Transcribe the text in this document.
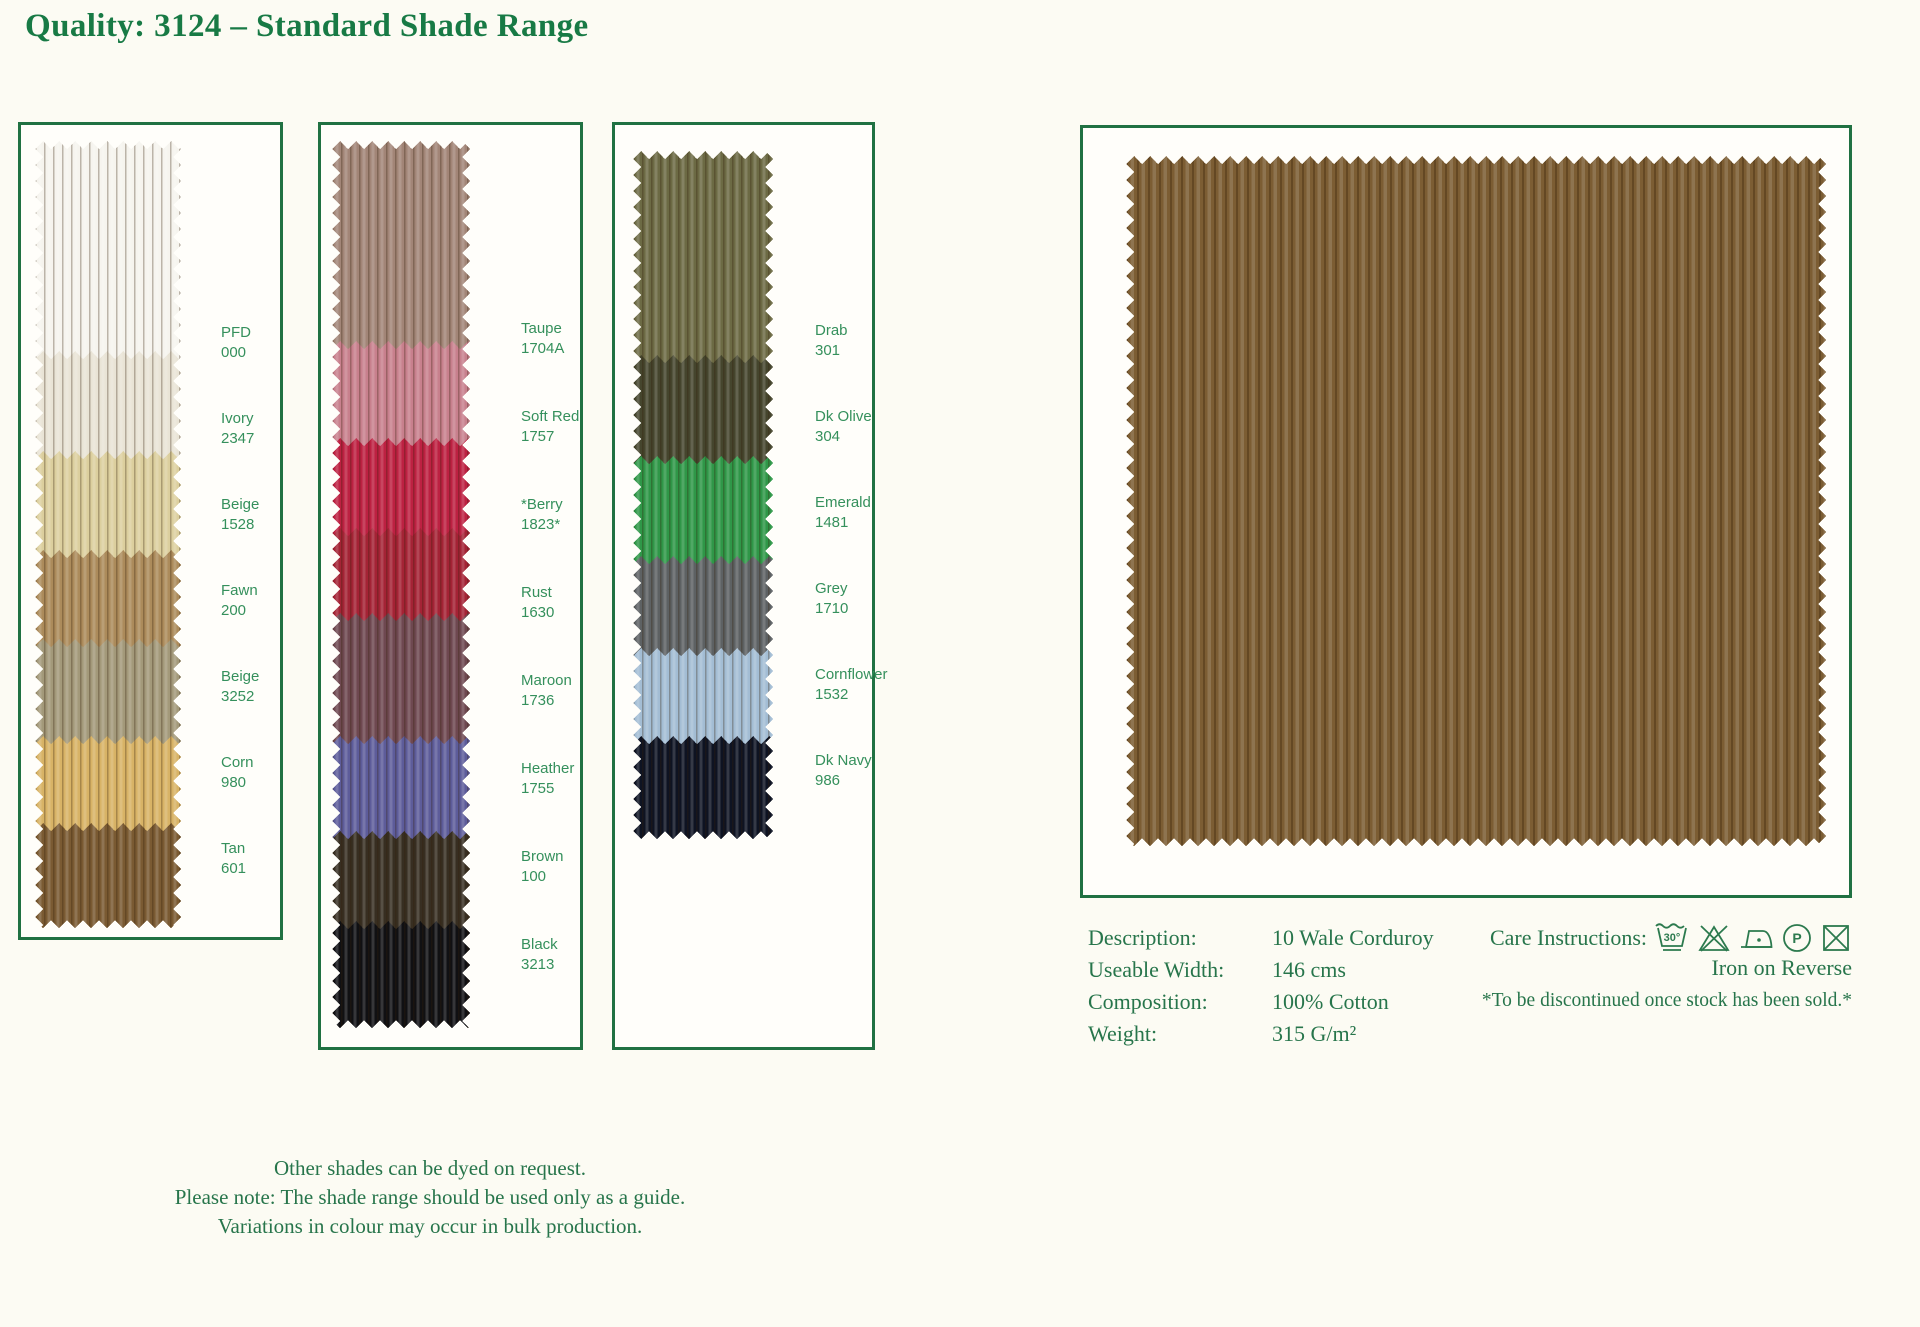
Quality: 3124 – Standard Shade Range
PFD
000
Ivory
2347
Beige
1528
Fawn
200
Beige
3252
Corn
980
Tan
601
Taupe
1704A
Soft Red
1757
*Berry
1823*
Rust
1630
Maroon
1736
Heather
1755
Brown
100
Black
3213
Drab
301
Dk Olive
304
Emerald
1481
Grey
1710
Cornflower
1532
Dk Navy
986
Description:	10 Wale Corduroy
Useable Width:	146 cms
Composition:	100% Cotton
Weight:	315 G/m²
Care Instructions: 30°	P
Iron on Reverse
*To be discontinued once stock has been sold.*
Other shades can be dyed on request.
Please note: The shade range should be used only as a guide.
Variations in colour may occur in bulk production.
